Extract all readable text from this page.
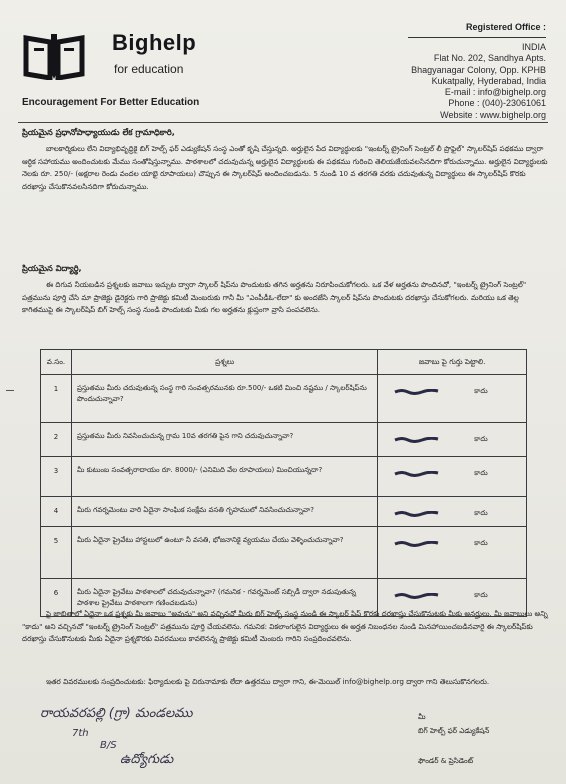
Bighelp
for education
Encouragement For Better Education
Registered Office :
INDIA
Flat No. 202, Sandhya Apts.
Bhagyanagar Colony, Opp. KPHB
Kukatpally, Hyderabad, India
E-mail : info@bighelp.org
Phone : (040)-23061061
Website : www.bighelp.org
ప్రియమైన ప్రధానోపాధ్యాయుడు లేక గ్రామాధికారి,
బాలకార్మికులు లేని విద్యాభివృద్ధికై బిగ్ హెల్ప్ ఫర్ ఎడ్యుకేషన్ సంస్థ ఎంతో కృషి చేస్తున్నది. అర్హులైన పేద విద్యార్థులకు "ఇంటర్న్ ట్రైనింగ్ సెంట్రల్ లీ ప్రొఫైల్" స్కాలర్‌షిప్ పథకము ద్వారా ఆర్థిక సహాయము అందించుటకు మేము సంతోషిస్తున్నాము. పాఠశాలలో చదువుచున్న అర్హులైన విద్యార్థులకు ఈ పథకము గురించి తెలియజేయవలసినదిగా కోరుచున్నాము. అర్హులైన విద్యార్థులకు నెలకు రూ. 250/- (అక్షరాల రెండు వందల యాభై రూపాయలు) చొప్పున ఈ స్కాలర్‌షిప్ అందించబడును. 5 నుండి 10 వ తరగతి వరకు చదువుతున్న విద్యార్థులు ఈ స్కాలర్‌షిప్ కొరకు దరఖాస్తు చేసుకొనవలసినదిగా కోరుచున్నాము.
ప్రియమైన విద్యార్థి,
ఈ దిగువ నీయబడిన ప్రశ్నలకు జవాబు ఇచ్చుట ద్వారా స్కాలర్ షిప్‌ను పొందుటకు తగిన అర్హతను నిరూపించుకోగలరు. ఒక వేళ అర్హతను పొందినచో, "ఇంటర్న్ ట్రైనింగ్ సెంట్రల్" పత్రమును పూర్తి చేసి మా ప్రాజెక్టు డైరెక్టరు గారి ప్రాజెక్టు కమిటీ మెంబరుకు గానీ మీ "ఎంపీడీఓ-లేదా" కు అందజేసి స్కాలర్ షిప్‌ను పొందుటకు దరఖాస్తు చేసుకోగలరు. మరియు ఒక తెల్ల కాగితముపై ఈ స్కాలర్‌షిప్ బిగ్ హెల్ప్ సంస్థ నుండి పొందుటకు మీకు గల అర్హతను క్లుప్తంగా వ్రాసి పంపవలెను.
వ.సం.	ప్రశ్నలు	జవాబు పై గుర్తు పెట్టాలి.
1	ప్రస్తుతము మీరు చదువుతున్న సంస్థ గారి సంవత్సరమునకు రూ.500/- ఒకటి మించి నష్టము / స్కాలర్‌షిప్‌ను పొందుచున్నావా?	కాదు

2	ప్రస్తుతము మీరు నివసించుచున్న గ్రామ 10వ తరగతి పైన గాని చదువుచున్నావా?	కాదు

3	మీ కుటుంబ సంవత్సరాదాయం రూ. 8000/- (ఎనిమిది వేల రూపాయలు) మించియున్నదా?	కాదు

4	మీరు గవర్నమెంటు వారి ఏదైనా సాంఘిక సంక్షేమ వసతి గృహములో నివసించుచున్నావా?	కాదు

5	మీరు ఏదైనా ప్రైవేటు హాస్టలులో ఉంటూ నీ వసతి, భోజనానికై వ్యయము చేయు వెళ్ళించుచున్నావా?	కాదు

6	మీరు ఏదైనా ప్రైవేటు పాఠశాలలో చదువుచున్నావా? (గమనిక - గవర్నమెంట్ సబ్సిడీ ద్వారా నడుపుతున్న పాఠశాల ప్రైవేటు పాఠశాలగా గణించబడును)	కాదు
పై జాబితాలో ఏదైనా ఒక ప్రశ్నకు మీ జవాబు "అవును" అని వచ్చినచో మీరు బిగ్ హెల్ప్ సంస్థ నుండి ఈ స్కాలర్ షిప్ కొరకు దరఖాస్తు చేసుకొనుటకు మీకు అనర్హులు. మీ జవాబులు అన్ని "కాదు" అని వచ్చినచో "ఇంటర్న్ ట్రైనింగ్ సెంట్రల్" పత్రమును పూర్తి చేయవలెను. గమనిక: వికలాంగులైన విద్యార్థులు ఈ అర్హత నిబంధనల నుండి మినహాయించబడినవారై ఈ స్కాలర్‌షిప్‌కు దరఖాస్తు చేసుకొనుటకు మీకు ఏదైనా ప్రశ్నకొరకు వివరములు కావలెనన్న ప్రాజెక్టు కమిటీ మెంబరు గారిని సంప్రదించవలెను.
ఇతర వివరములకు సంప్రదించుటకు: ఫిర్యాదులకు పై చిరునామాకు లేదా ఉత్తరము ద్వారా గాని, ఈ-మెయిల్ info@bighelp.org ద్వారా గాని తెలుసుకొనగలరు.
రాయవరపల్లి (గ్రా) మండలము
7th
B/S
ఉద్యోగుడు
మీ
బిగ్ హెల్ప్ ఫర్ ఎడ్యుకేషన్
ఫౌండర్ & ప్రెసిడెంట్
